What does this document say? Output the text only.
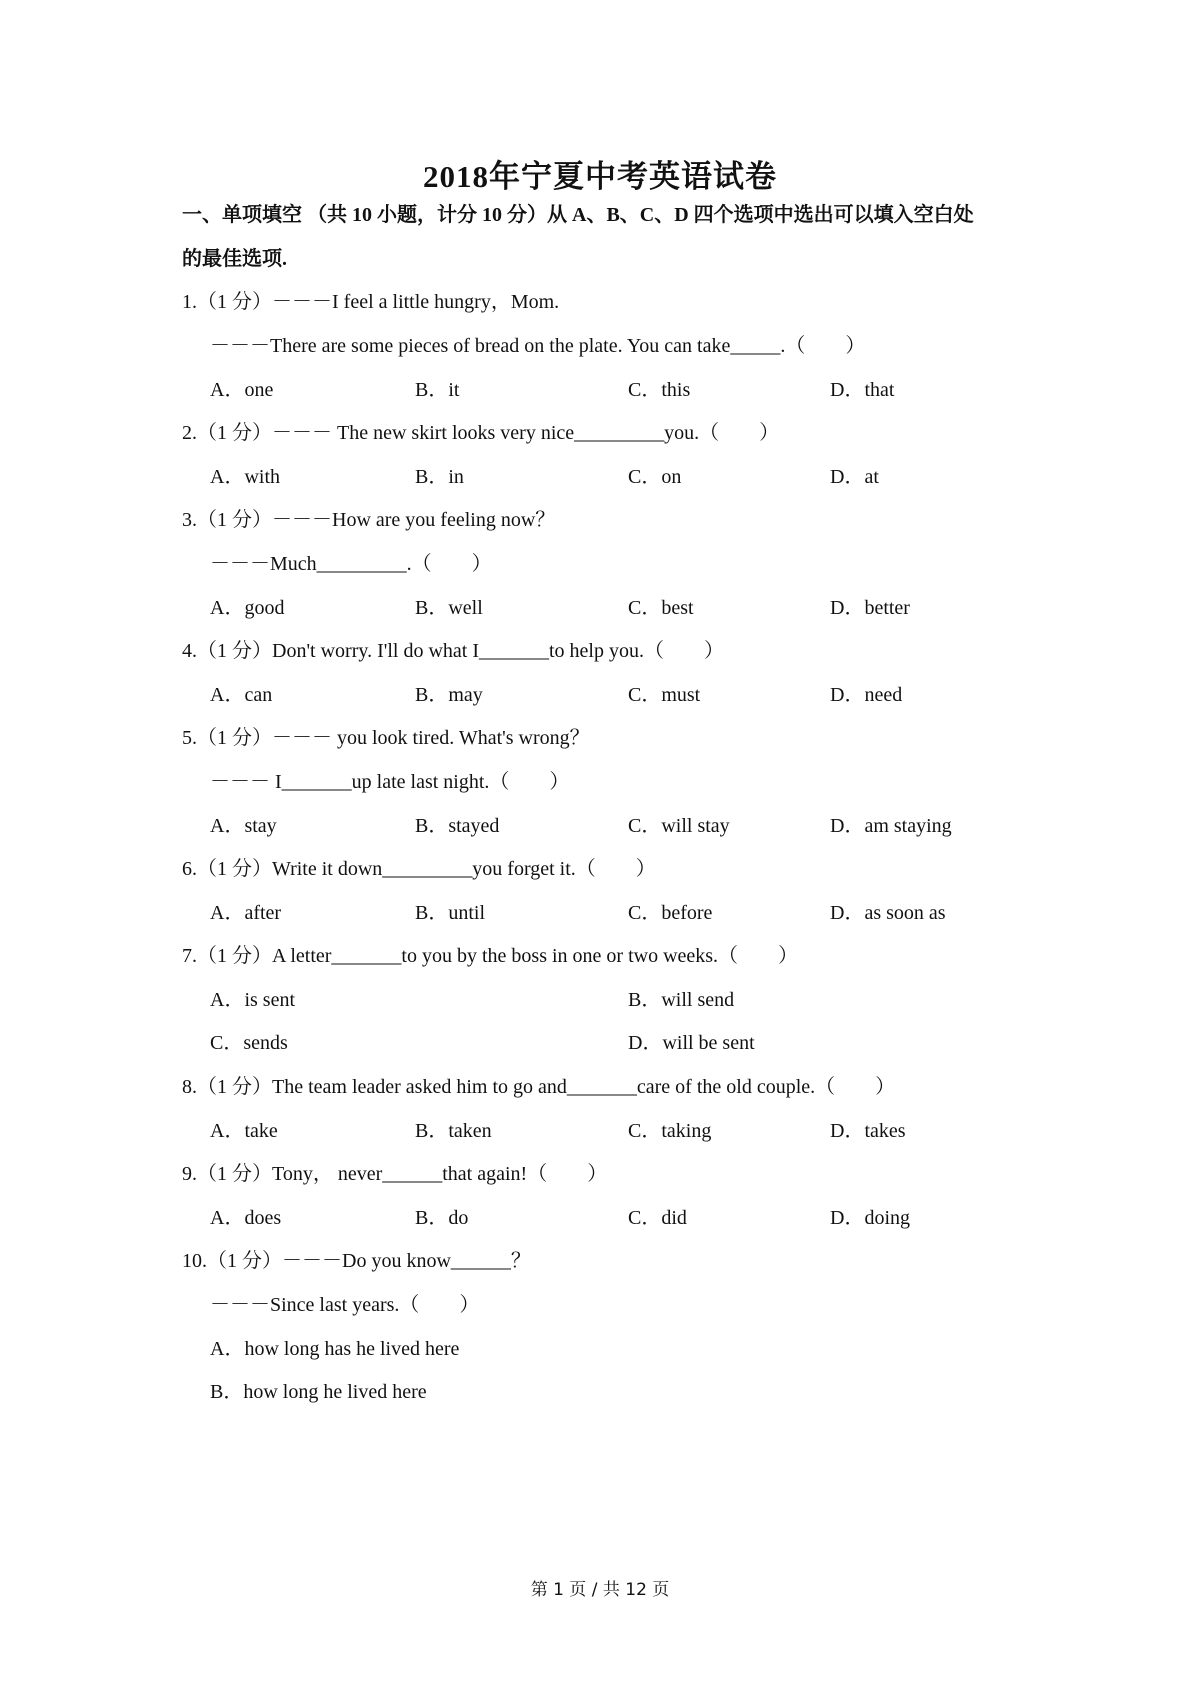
2018年宁夏中考英语试卷
一、单项填空 （共 10 小题，计分 10 分）从 A、B、C、D 四个选项中选出可以填入空白处
的最佳选项.
1.（1 分）－－－I feel a little hungry，Mom.
－－－There are some pieces of bread on the plate. You can take_____.（　　）
A．one	B．it	C．this	D．that
2.（1 分）－－－ The new skirt looks very nice_________you.（　　）
A．with	B．in	C．on	D．at
3.（1 分）－－－How are you feeling now？
－－－Much_________.（　　）
A．good	B．well	C．best	D．better
4.（1 分）Don't worry. I'll do what I_______to help you.（　　）
A．can	B．may	C．must	D．need
5.（1 分）－－－ you look tired. What's wrong？
－－－ I_______up late last night.（　　）
A．stay	B．stayed	C．will stay	D．am staying
6.（1 分）Write it down_________you forget it.（　　）
A．after	B．until	C．before	D．as soon as
7.（1 分）A letter_______to you by the boss in one or two weeks.（　　）
A．is sent	B．will send
C．sends	D．will be sent
8.（1 分）The team leader asked him to go and_______care of the old couple.（　　）
A．take	B．taken	C．taking	D．takes
9.（1 分）Tony， never______that again!（　　）
A．does	B．do	C．did	D．doing
10.（1 分）－－－Do you know______？
－－－Since last years.（　　）
A．how long has he lived here
B．how long he lived here
第 1 页 / 共 12 页
